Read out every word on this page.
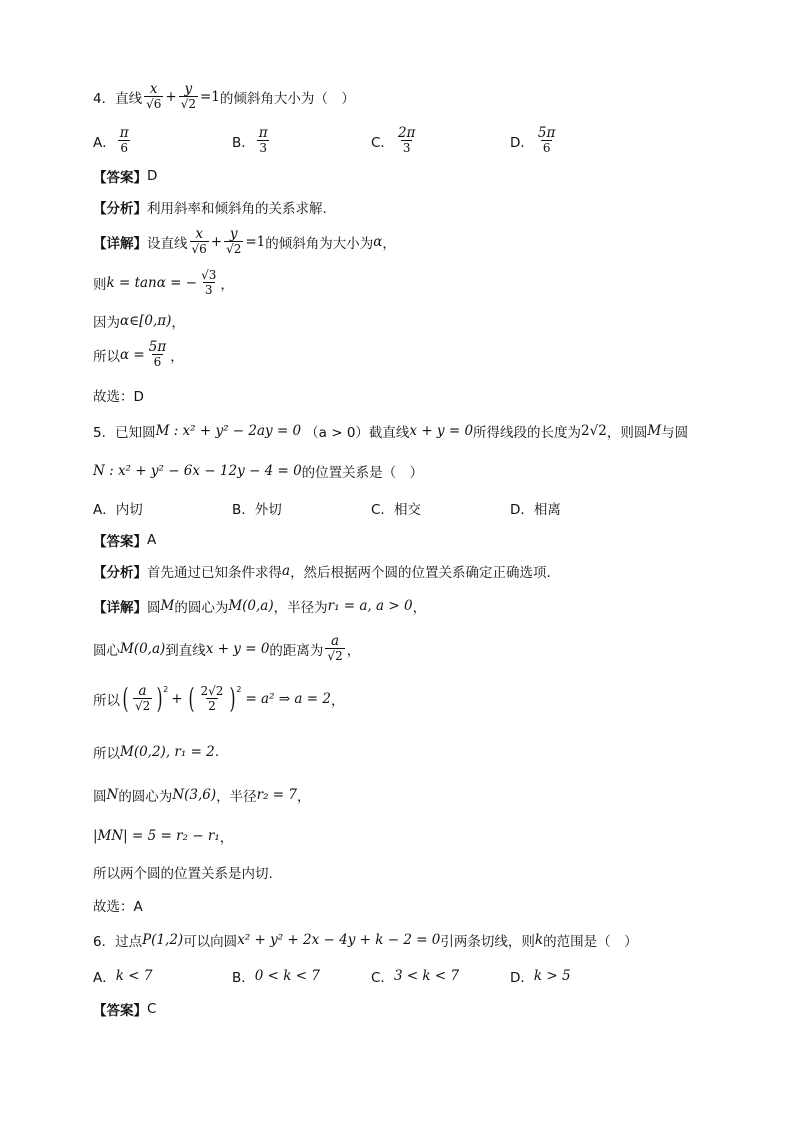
4．直线 $\frac{x}{√6} + \frac{y}{√2} =1$ 的倾斜角大小为（　）
A． $\frac{\pi}{6}$	B． $\frac{\pi}{3}$	C． $\frac{2\pi}{3}$	D． $\frac{5\pi}{6}$
【答案】 D
【分析】 利用斜率和倾斜角的关系求解.
【详解】 设直线 $\frac{x}{√6} + \frac{y}{√2} =1$ 的倾斜角为大小为 α ，
则 k = tanα = − $\frac{√3}{3}$ ，
因为 α∈[0,π) ，
所以 $\alpha = \frac{5\pi}{6}$ ，
故选：D
5．已知圆 M : x² + y² − 2ay = 0 （a > 0） 截直线 x + y = 0 所得线段的长度为 2√2 ，则圆 M 与圆
N : x² + y² − 6x − 12y − 4 = 0 的位置关系是（　）
A． 内切	B． 外切	C． 相交	D． 相离
【答案】 A
【分析】 首先通过已知条件求得 a ，然后根据两个圆的位置关系确定正确选项.
【详解】 圆 M 的圆心为 M(0,a) ，半径为 r₁ = a, a > 0 ，
圆心 M(0,a) 到直线 x + y = 0 的距离为 $\frac{a}{√2}$ ，
所以 ( $\frac{a}{√2}$ ) 2
+ ( $\frac{2√2}{2}$ ) 2
= a² ⇒ a = 2 ，
所以 M(0,2), r₁ = 2 .
圆 N 的圆心为 N(3,6) ，半径 r₂ = 7 ，
|MN| = 5 = r₂ − r₁ ，
所以两个圆的位置关系是内切.
故选：A
6．过点 P(1,2) 可以向圆 x² + y² + 2x − 4y + k − 2 = 0 引两条切线，则 k 的范围是（　）
A． k < 7	B． 0 < k < 7	C． 3 < k < 7	D． k > 5
【答案】 C
